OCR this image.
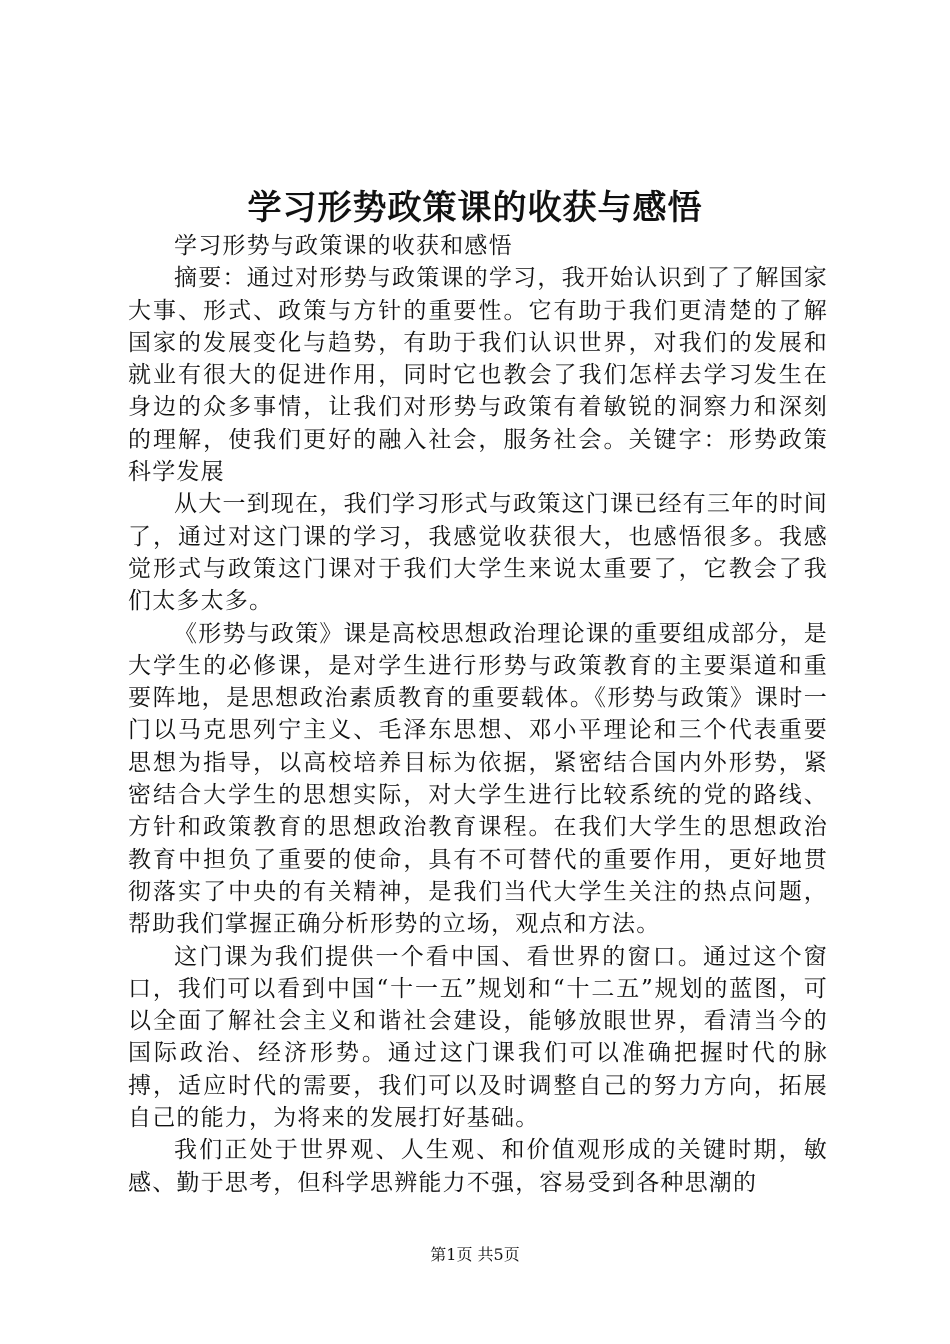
学习形势政策课的收获与感悟

学习形势与政策课的收获和感悟

摘要：通过对形势与政策课的学习，我开始认识到了了解国家大事、形式、政策与方针的重要性。它有助于我们更清楚的了解国家的发展变化与趋势，有助于我们认识世界，对我们的发展和就业有很大的促进作用，同时它也教会了我们怎样去学习发生在身边的众多事情，让我们对形势与政策有着敏锐的洞察力和深刻的理解，使我们更好的融入社会，服务社会。关键字：形势政策科学发展

从大一到现在，我们学习形式与政策这门课已经有三年的时间了，通过对这门课的学习，我感觉收获很大，也感悟很多。我感觉形式与政策这门课对于我们大学生来说太重要了，它教会了我们太多太多。

《形势与政策》课是高校思想政治理论课的重要组成部分，是大学生的必修课，是对学生进行形势与政策教育的主要渠道和重要阵地，是思想政治素质教育的重要载体。《形势与政策》课时一门以马克思列宁主义、毛泽东思想、邓小平理论和三个代表重要思想为指导，以高校培养目标为依据，紧密结合国内外形势，紧密结合大学生的思想实际，对大学生进行比较系统的党的路线、方针和政策教育的思想政治教育课程。在我们大学生的思想政治教育中担负了重要的使命，具有不可替代的重要作用，更好地贯彻落实了中央的有关精神，是我们当代大学生关注的热点问题，帮助我们掌握正确分析形势的立场，观点和方法。

这门课为我们提供一个看中国、看世界的窗口。通过这个窗口，我们可以看到中国“十一五”规划和“十二五”规划的蓝图，可以全面了解社会主义和谐社会建设，能够放眼世界，看清当今的国际政治、经济形势。通过这门课我们可以准确把握时代的脉搏，适应时代的需要，我们可以及时调整自己的努力方向，拓展自己的能力，为将来的发展打好基础。

我们正处于世界观、人生观、和价值观形成的关键时期，敏感、勤于思考，但科学思辨能力不强，容易受到各种思潮的

第1页 共5页
